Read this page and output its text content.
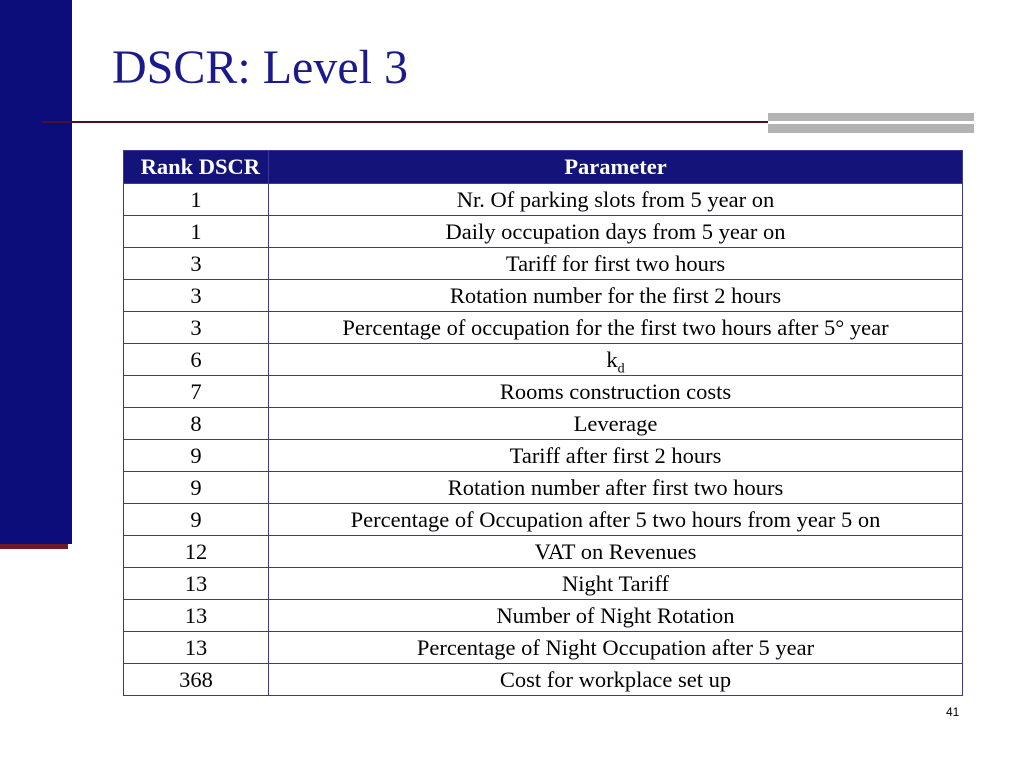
DSCR: Level 3
Rank DSCR	Parameter
1	Nr. Of parking slots from 5 year on
1	Daily occupation days from 5 year on
3	Tariff for first two hours
3	Rotation number for the first 2 hours
3	Percentage of occupation for the first two hours after 5° year
6	$k_d$
7	Rooms construction costs
8	Leverage
9	Tariff after first 2 hours
9	Rotation number after first two hours
9	Percentage of Occupation after 5 two hours from year 5 on
12	VAT on Revenues
13	Night Tariff
13	Number of Night Rotation
13	Percentage of Night Occupation after 5 year
368	Cost for workplace set up
41
